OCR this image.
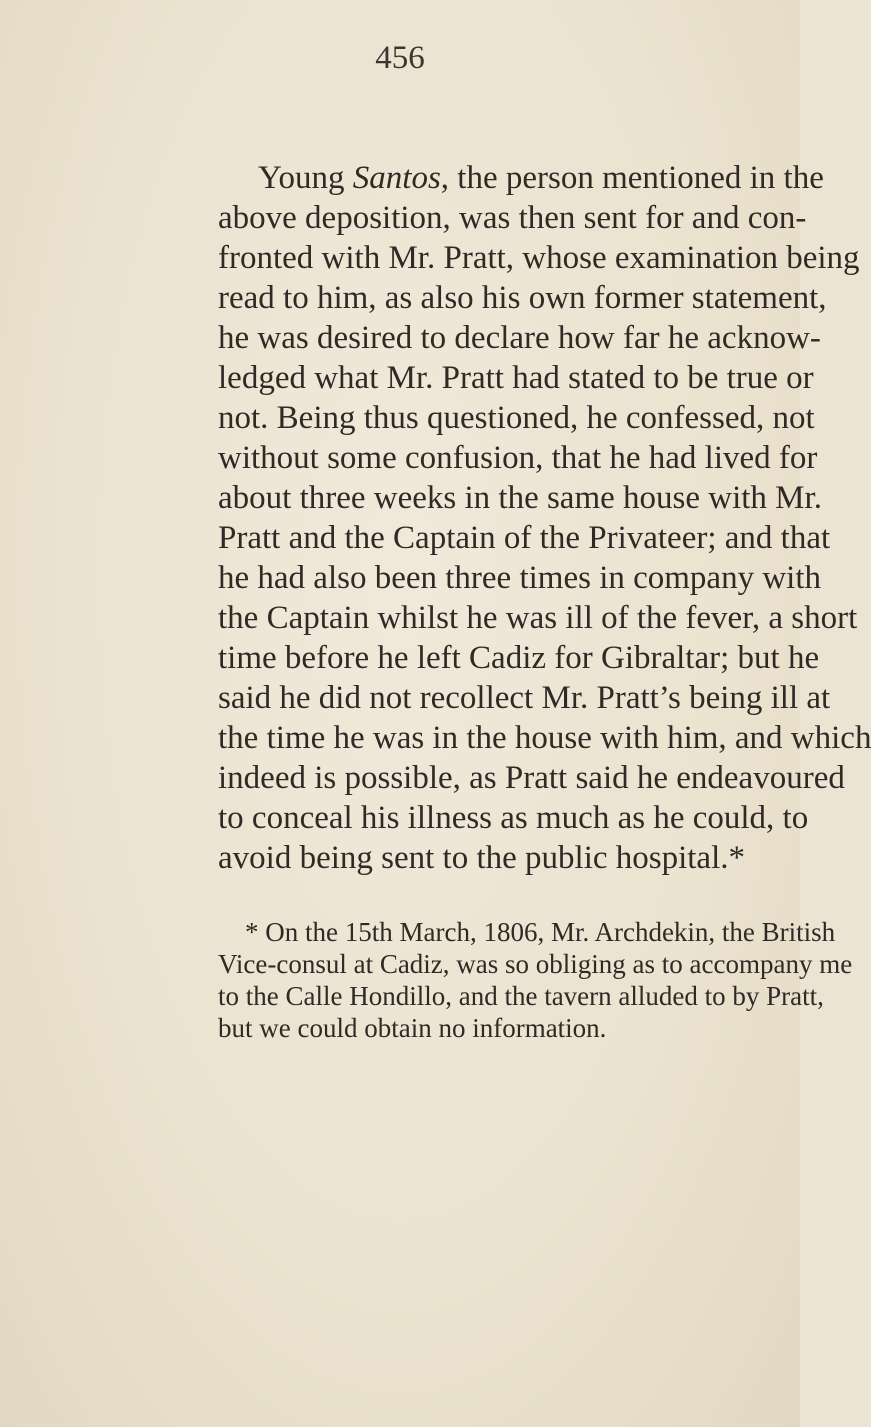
456
Young Santos, the person mentioned in the
above deposition, was then sent for and con-
fronted with Mr. Pratt, whose examination being
read to him, as also his own former statement,
he was desired to declare how far he acknow-
ledged what Mr. Pratt had stated to be true or
not. Being thus questioned, he confessed, not
without some confusion, that he had lived for
about three weeks in the same house with Mr.
Pratt and the Captain of the Privateer; and that
he had also been three times in company with
the Captain whilst he was ill of the fever, a short
time before he left Cadiz for Gibraltar; but he
said he did not recollect Mr. Pratt’s being ill at
the time he was in the house with him, and which
indeed is possible, as Pratt said he endeavoured
to conceal his illness as much as he could, to
avoid being sent to the public hospital.*
* On the 15th March, 1806, Mr. Archdekin, the British
Vice-consul at Cadiz, was so obliging as to accompany me
to the Calle Hondillo, and the tavern alluded to by Pratt,
but we could obtain no information.
